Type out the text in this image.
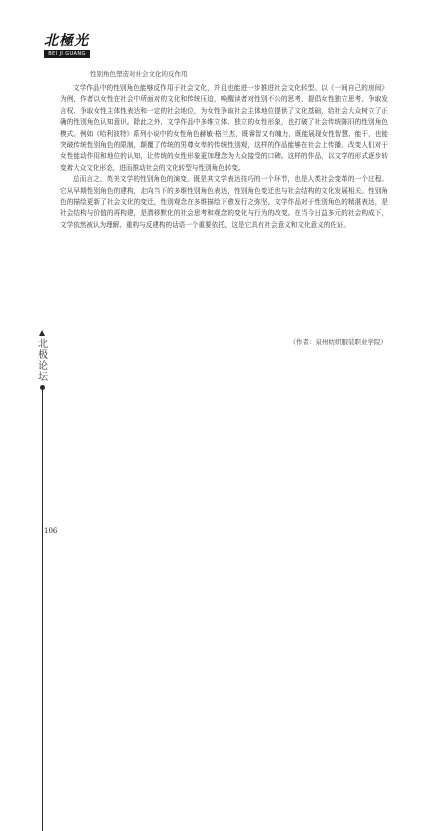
北極光
BEI JI GUANG
性别角色塑造对社会文化的反作用

文学作品中的性别角色能够反作用于社会文化，并且也能进一步推进社会文化转型。以《一间自己的房间》为例，作者以女性在社会中所面对的文化和传统压迫，唤醒读者对性别不公的思考，提倡女性独立思考、争取发言权、争取女性主体性表达和一定的社会地位，为女性争取社会主体地位提供了文化基础，给社会大众树立了正确的性别角色认知意识。除此之外，文学作品中多维立体、独立的女性形象，也打破了社会传统陈旧的性别角色模式。例如《哈利波特》系列小说中的女性角色赫敏·格兰杰，既睿智又有魄力，既能展现女性智慧、能干，也能突破传统性别角色的限制，颠覆了传统的男尊女卑的传统性别观，这样的作品能够在社会上传播，改变人们对于女性能动作用和地位的认知，让传统的女性形象更加理念为大众接受的口碑。这样的作品，以文学的形式逐步转变着大众文化形态，进而推动社会的文化转型与性别角色转变。

总而言之，英美文学的性别角色的演变，既是其文学表达技巧的一个环节，也是人类社会变革的一个过程。它从早期性别角色的建构，走向当下的多维性别角色表达，性别角色变迁也与社会结构的文化发展相关。性别角色的描绘更新了社会文化的变迁，性别观念在多维描绘下愈发行之弥坚。文学作品对于性别角色的精湛表达，是社会结构与价值的再构建，是潜移默化的社会思考和观念的变化与行为的改变。在当今日益多元的社会构成下，文学依然被认为理解、重构与反建构的话语一个重要依托，这是它具有社会意义和文化意义的佐证。

（作者：泉州纺织服装职业学院）
北极论坛
106
